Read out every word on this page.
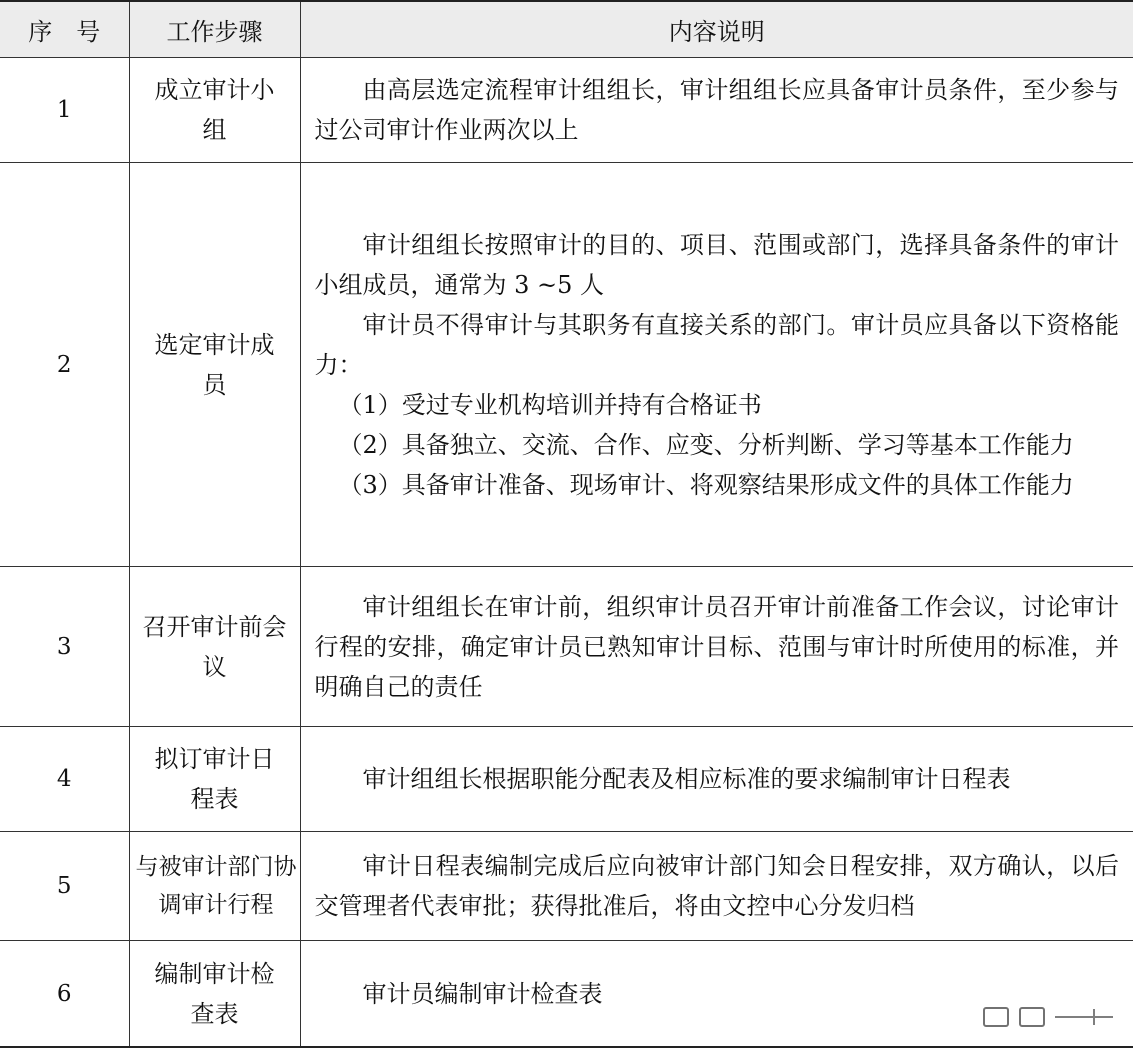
序　号	工作步骤	内容说明
1	成立审计小组	由高层选定流程审计组组长，审计组组长应具备审计员条件，至少参与过公司审计作业两次以上

2	选定审计成员	审计组组长按照审计的目的、项目、范围或部门，选择具备条件的审计小组成员，通常为 3 ~5 人

审计员不得审计与其职务有直接关系的部门。审计员应具备以下资格能力：

（1）受过专业机构培训并持有合格证书

（2）具备独立、交流、合作、应变、分析判断、学习等基本工作能力

（3）具备审计准备、现场审计、将观察结果形成文件的具体工作能力

3	召开审计前会议	审计组组长在审计前，组织审计员召开审计前准备工作会议，讨论审计行程的安排，确定审计员已熟知审计目标、范围与审计时所使用的标准，并明确自己的责任

4	拟订审计日程表	审计组组长根据职能分配表及相应标准的要求编制审计日程表

5	与被审计部门协调审计行程	审计日程表编制完成后应向被审计部门知会日程安排，双方确认，以后交管理者代表审批；获得批准后，将由文控中心分发归档

6	编制审计检查表	审计员编制审计检查表
